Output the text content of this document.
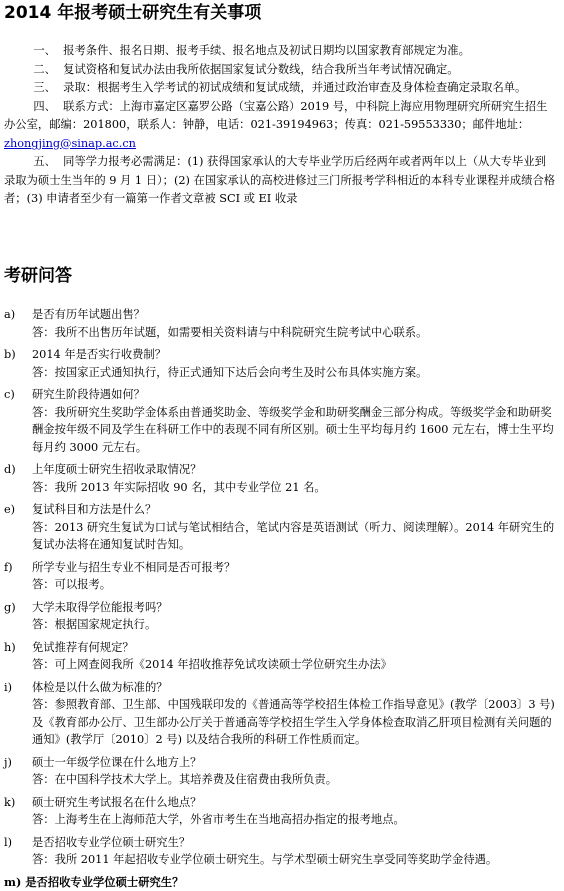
2014 年报考硕士研究生有关事项

一、 报考条件、报名日期、报考手续、报名地点及初试日期均以国家教育部规定为准。

二、 复试资格和复试办法由我所依据国家复试分数线，结合我所当年考试情况确定。

三、 录取：根据考生入学考试的初试成绩和复试成绩，并通过政治审查及身体检查确定录取名单。

四、 联系方式：上海市嘉定区嘉罗公路（宝嘉公路）2019 号，中科院上海应用物理研究所研究生招生办公室，邮编：201800，联系人：钟静，电话：021-39194963；传真：021-59553330；邮件地址：zhongjing@sinap.ac.cn

五、 同等学力报考必需满足：(1) 获得国家承认的大专毕业学历后经两年或者两年以上（从大专毕业到录取为硕士生当年的 9 月 1 日）；(2) 在国家承认的高校进修过三门所报考学科相近的本科专业课程并成绩合格者；(3) 申请者至少有一篇第一作者文章被 SCI 或 EI 收录

考研问答
a)	是否有历年试题出售？
答：我所不出售历年试题，如需要相关资料请与中科院研究生院考试中心联系。
b)	2014 年是否实行收费制？
答：按国家正式通知执行，待正式通知下达后会向考生及时公布具体实施方案。
c)	研究生阶段待遇如何？
答：我所研究生奖助学金体系由普通奖助金、等级奖学金和助研奖酬金三部分构成。等级奖学金和助研奖酬金按年级不同及学生在科研工作中的表现不同有所区别。硕士生平均每月约 1600 元左右，博士生平均每月约 3000 元左右。
d)	上年度硕士研究生招收录取情况？
答：我所 2013 年实际招收 90 名，其中专业学位 21 名。
e)	复试科目和方法是什么？
答：2013 研究生复试为口试与笔试相结合，笔试内容是英语测试（听力、阅读理解）。2014 年研究生的复试办法将在通知复试时告知。
f)	所学专业与招生专业不相同是否可报考？
答：可以报考。
g)	大学未取得学位能报考吗？
答：根据国家规定执行。
h)	免试推荐有何规定？
答：可上网查阅我所《2014 年招收推荐免试攻读硕士学位研究生办法》
i)	体检是以什么做为标准的？
答：参照教育部、卫生部、中国残联印发的《普通高等学校招生体检工作指导意见》(教学〔2003〕3 号) 及《教育部办公厅、卫生部办公厅关于普通高等学校招生学生入学身体检查取消乙肝项目检测有关问题的通知》(教学厅〔2010〕2 号) 以及结合我所的科研工作性质而定。
j)	硕士一年级学位课在什么地方上？
答：在中国科学技术大学上。其培养费及住宿费由我所负责。
k)	硕士研究生考试报名在什么地点？
答：上海考生在上海师范大学，外省市考生在当地高招办指定的报考地点。
l)	是否招收专业学位硕士研究生？
答：我所 2011 年起招收专业学位硕士研究生。与学术型硕士研究生享受同等奖助学金待遇。
m) 是否招收专业学位硕士研究生？
